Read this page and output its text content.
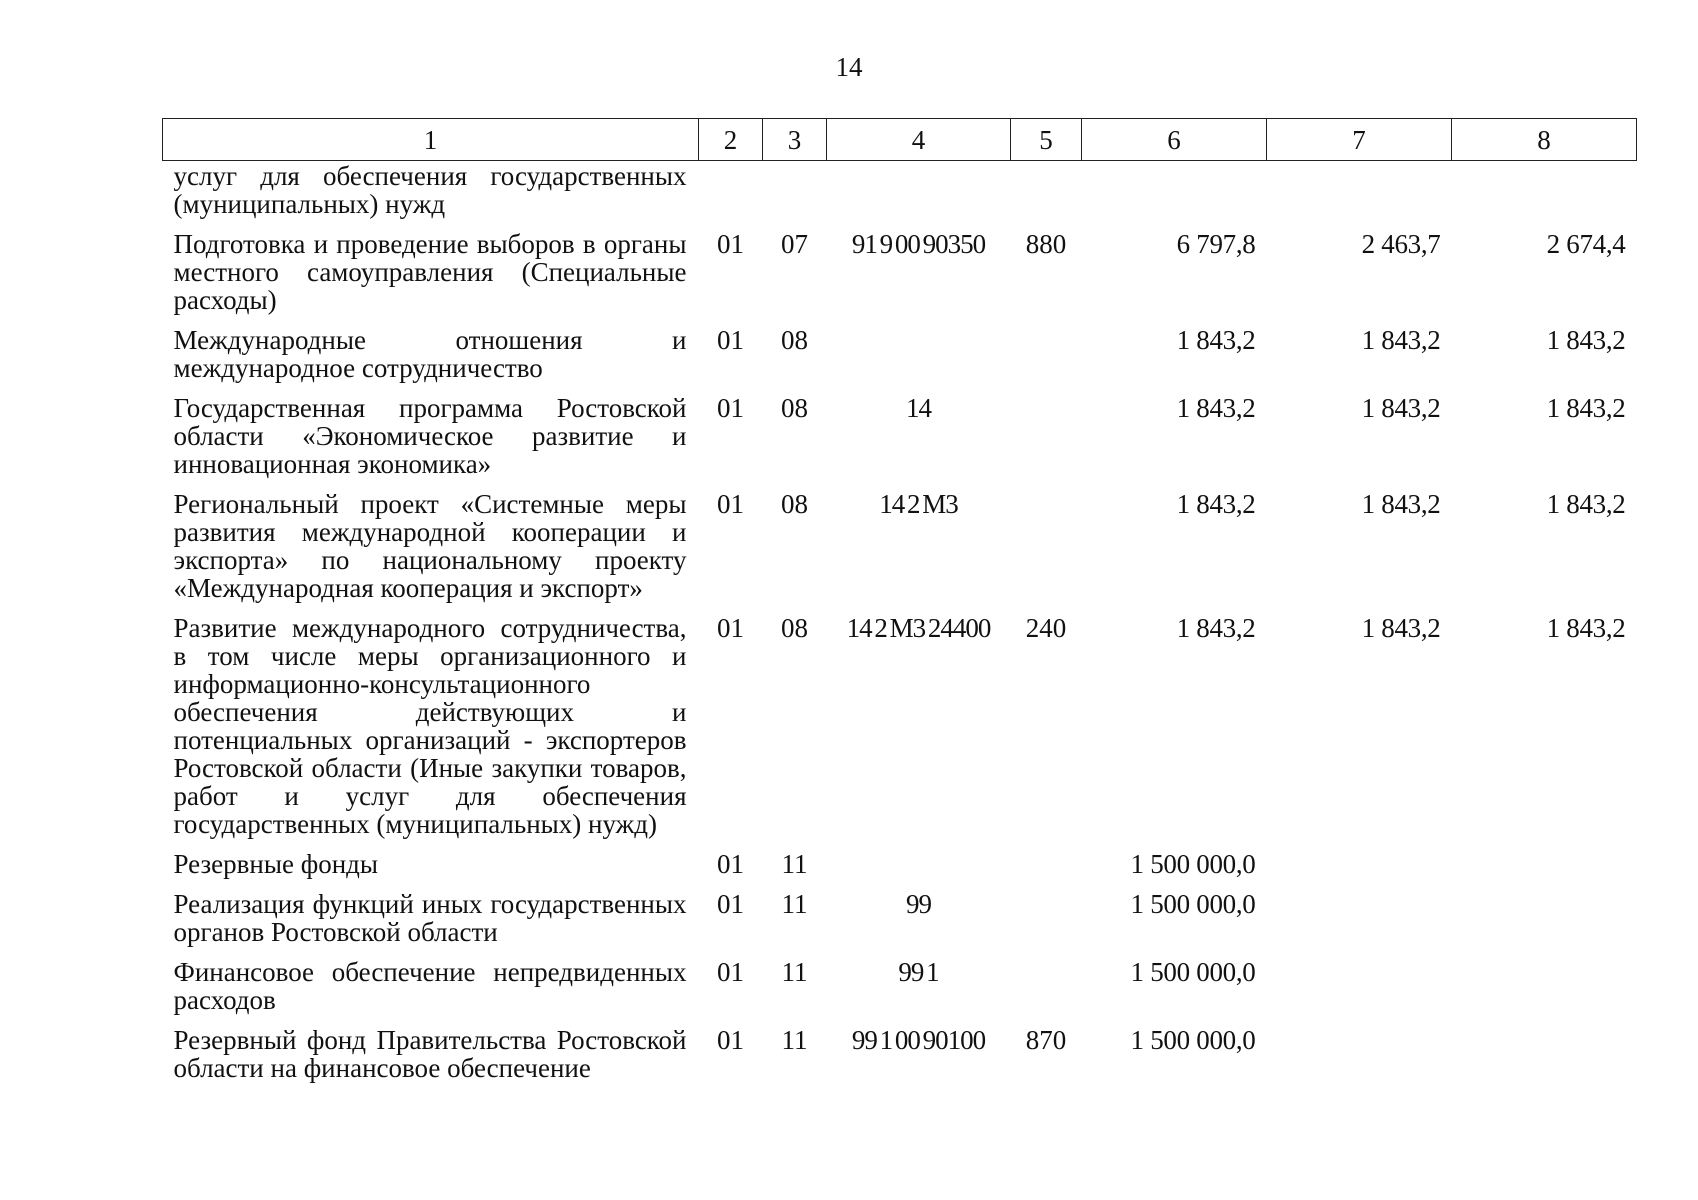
14
1	2	3	4	5	6	7	8
услуг для обеспечения государственных (муниципальных) нужд							
Подготовка и проведение выборов в органы местного самоуправления (Специальные расходы)	01	07	91 9 00 90350	880	6 797,8	2 463,7	2 674,4
Международные отношения и международное сотрудничество	01	08			1 843,2	1 843,2	1 843,2
Государственная программа Ростовской области «Экономическое развитие и инновационная экономика»	01	08	14		1 843,2	1 843,2	1 843,2
Региональный проект «Системные меры развития международной кооперации и экспорта» по национальному проекту «Международная кооперация и экспорт»	01	08	14 2 M3		1 843,2	1 843,2	1 843,2
Развитие международного сотрудничества, в том числе меры организационного и информационно-консультационного обеспечения действующих и потенциальных организаций - экспортеров Ростовской области (Иные закупки товаров, работ и услуг для обеспечения государственных (муниципальных) нужд)	01	08	14 2 M3 24400	240	1 843,2	1 843,2	1 843,2
Резервные фонды	01	11			1 500 000,0		
Реализация функций иных государственных органов Ростовской области	01	11	99		1 500 000,0		
Финансовое обеспечение непредвиденных расходов	01	11	99 1		1 500 000,0		
Резервный фонд Правительства Ростовской области на финансовое обеспечение	01	11	99 1 00 90100	870	1 500 000,0		
